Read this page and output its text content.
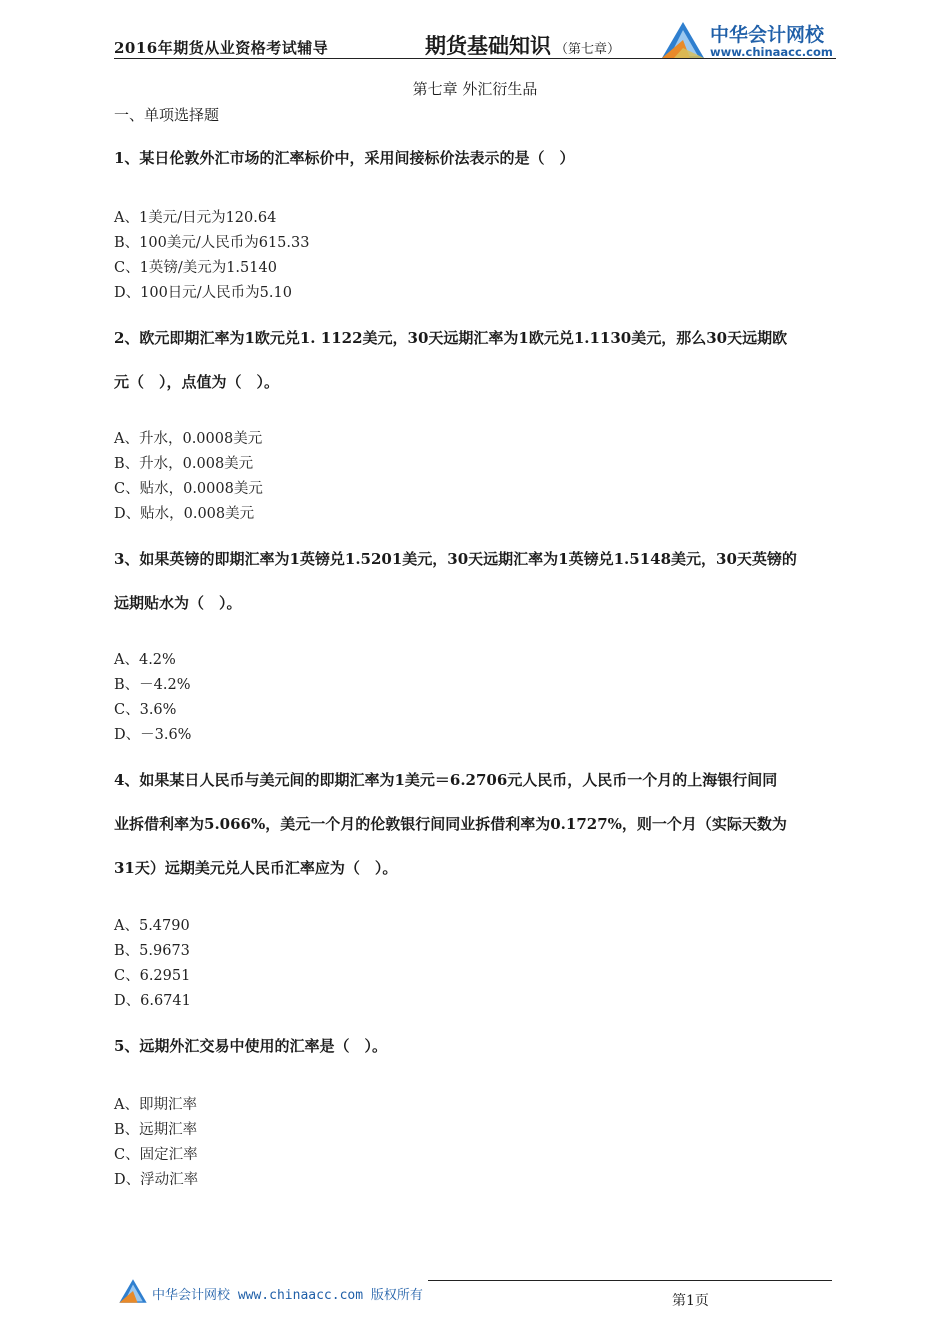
2016年期货从业资格考试辅导	期货基础知识 （第七章）
中华会计网校
www.chinaacc.com
第七章 外汇衍生品
一、单项选择题
1、某日伦敦外汇市场的汇率标价中，采用间接标价法表示的是（　）
A、1美元/日元为120.64
B、100美元/人民币为615.33
C、1英镑/美元为1.5140
D、100日元/人民币为5.10
2、欧元即期汇率为1欧元兑1. 1122美元，30天远期汇率为1欧元兑1.1130美元，那么30天远期欧
元（　），点值为（　）。
A、升水，0.0008美元
B、升水，0.008美元
C、贴水，0.0008美元
D、贴水，0.008美元
3、如果英镑的即期汇率为1英镑兑1.5201美元，30天远期汇率为1英镑兑1.5148美元，30天英镑的
远期贴水为（　）。
A、4.2%
B、－4.2%
C、3.6%
D、－3.6%
4、如果某日人民币与美元间的即期汇率为1美元＝6.2706元人民币，人民币一个月的上海银行间同
业拆借利率为5.066%，美元一个月的伦敦银行间同业拆借利率为0.1727%，则一个月（实际天数为
31天）远期美元兑人民币汇率应为（　）。
A、5.4790
B、5.9673
C、6.2951
D、6.6741
5、远期外汇交易中使用的汇率是（　）。
A、即期汇率
B、远期汇率
C、固定汇率
D、浮动汇率
中华会计网校 www.chinaacc.com 版权所有	第1页
